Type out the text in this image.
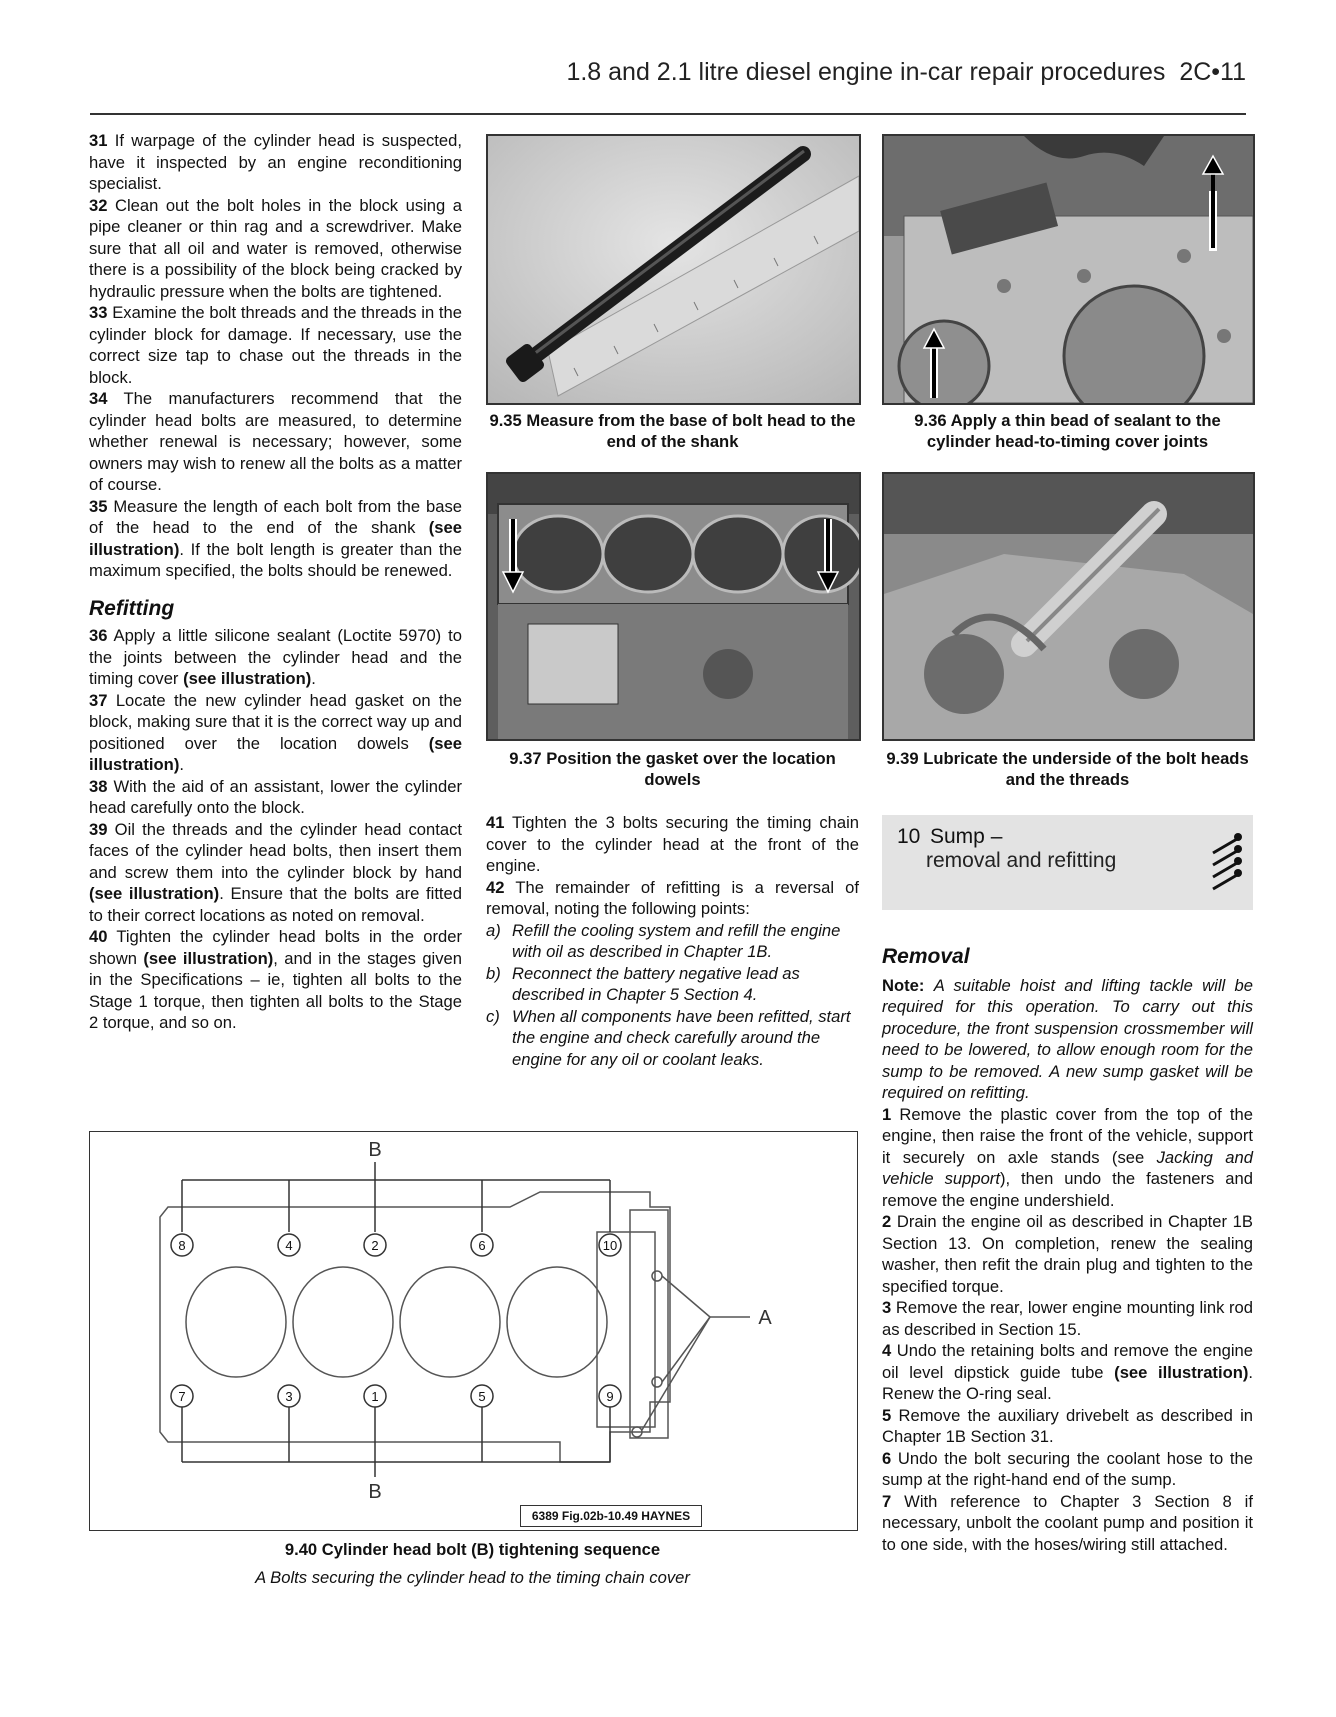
1.8 and 2.1 litre diesel engine in-car repair procedures 2C•11

31 If warpage of the cylinder head is suspected, have it inspected by an engine reconditioning specialist.

32 Clean out the bolt holes in the block using a pipe cleaner or thin rag and a screwdriver. Make sure that all oil and water is removed, otherwise there is a possibility of the block being cracked by hydraulic pressure when the bolts are tightened.

33 Examine the bolt threads and the threads in the cylinder block for damage. If necessary, use the correct size tap to chase out the threads in the block.

34 The manufacturers recommend that the cylinder head bolts are measured, to determine whether renewal is necessary; however, some owners may wish to renew all the bolts as a matter of course.

35 Measure the length of each bolt from the base of the head to the end of the shank (see illustration). If the bolt length is greater than the maximum specified, the bolts should be renewed.

Refitting

36 Apply a little silicone sealant (Loctite 5970) to the joints between the cylinder head and the timing cover (see illustration).

37 Locate the new cylinder head gasket on the block, making sure that it is the correct way up and positioned over the location dowels (see illustration).

38 With the aid of an assistant, lower the cylinder head carefully onto the block.

39 Oil the threads and the cylinder head contact faces of the cylinder head bolts, then insert them and screw them into the cylinder block by hand (see illustration). Ensure that the bolts are fitted to their correct locations as noted on removal.

40 Tighten the cylinder head bolts in the order shown (see illustration), and in the stages given in the Specifications – ie, tighten all bolts to the Stage 1 torque, then tighten all bolts to the Stage 2 torque, and so on.

9.35 Measure from the base of bolt head to the end of the shank
9.36 Apply a thin bead of sealant to the cylinder head-to-timing cover joints
9.37 Position the gasket over the location dowels
9.39 Lubricate the underside of the bolt heads and the threads

41 Tighten the 3 bolts securing the timing chain cover to the cylinder head at the front of the engine.

42 The remainder of refitting is a reversal of removal, noting the following points:

a) Refill the cooling system and refill the engine with oil as described in Chapter 1B.

b) Reconnect the battery negative lead as described in Chapter 5 Section 4.

c) When all components have been refitted, start the engine and check carefully around the engine for any oil or coolant leaks.

10 Sump –
removal and refitting

Removal

Note: A suitable hoist and lifting tackle will be required for this operation. To carry out this procedure, the front suspension crossmember will need to be lowered, to allow enough room for the sump to be removed. A new sump gasket will be required on refitting.

1 Remove the plastic cover from the top of the engine, then raise the front of the vehicle, support it securely on axle stands (see Jacking and vehicle support), then undo the fasteners and remove the engine undershield.

2 Drain the engine oil as described in Chapter 1B Section 13. On completion, renew the sealing washer, then refit the drain plug and tighten to the specified torque.

3 Remove the rear, lower engine mounting link rod as described in Section 15.

4 Undo the retaining bolts and remove the engine oil level dipstick guide tube (see illustration). Renew the O-ring seal.

5 Remove the auxiliary drivebelt as described in Chapter 1B Section 31.

6 Undo the bolt securing the coolant hose to the sump at the right-hand end of the sump.

7 With reference to Chapter 3 Section 8 if necessary, unbolt the coolant pump and position it to one side, with the hoses/wiring still attached.

8	4	2	6	10
7	3	1	5	9
B
B
A
6389 Fig.02b-10.49 HAYNES
9.40 Cylinder head bolt (B) tightening sequence
A Bolts securing the cylinder head to the timing chain cover
